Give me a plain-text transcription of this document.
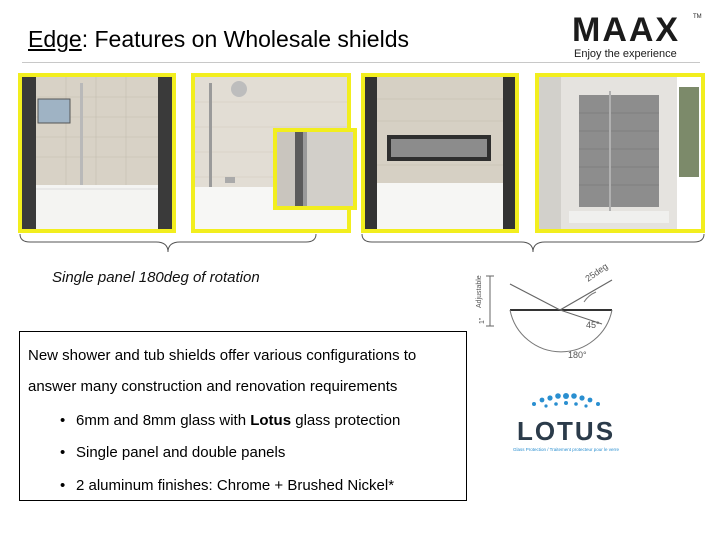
Edge: Features on Wholesale shields	MAAX TM
Enjoy the experience
Single panel 180deg of rotation	Adjustable
1"
25deg
45°
180°
New shower and tub shields offer various configurations to
answer many construction and renovation requirements
• 6mm and 8mm glass with Lotus glass protection
• Single panel and double panels
• 2 aluminum finishes: Chrome + Brushed Nickel*
LOTUS
Glass Protection / Traitement protecteur pour le verre
